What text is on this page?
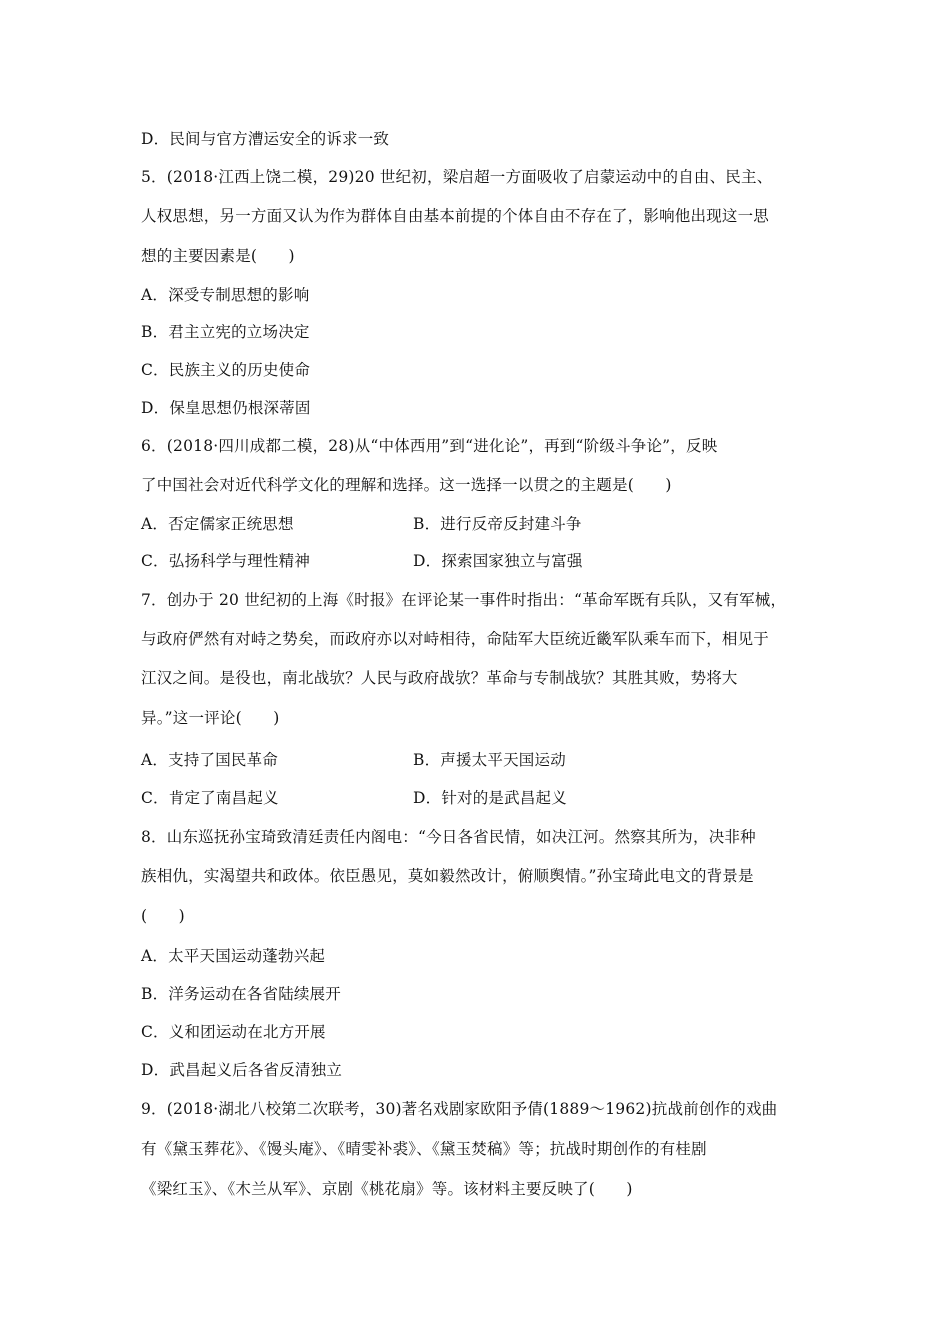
D．民间与官方漕运安全的诉求一致
5．(2018·江西上饶二模，29)20 世纪初，梁启超一方面吸收了启蒙运动中的自由、民主、
人权思想，另一方面又认为作为群体自由基本前提的个体自由不存在了，影响他出现这一思
想的主要因素是(　　)
A．深受专制思想的影响
B．君主立宪的立场决定
C．民族主义的历史使命
D．保皇思想仍根深蒂固
6．(2018·四川成都二模，28)从“中体西用”到“进化论”，再到“阶级斗争论”，反映
了中国社会对近代科学文化的理解和选择。这一选择一以贯之的主题是(　　)
A．否定儒家正统思想	B．进行反帝反封建斗争
C．弘扬科学与理性精神	D．探索国家独立与富强
7．创办于 20 世纪初的上海《时报》在评论某一事件时指出：“革命军既有兵队，又有军械，
与政府俨然有对峙之势矣，而政府亦以对峙相待，命陆军大臣统近畿军队乘车而下，相见于
江汉之间。是役也，南北战欤？人民与政府战欤？革命与专制战欤？其胜其败，势将大
异。”这一评论(　　)
A．支持了国民革命	B．声援太平天国运动
C．肯定了南昌起义	D．针对的是武昌起义
8．山东巡抚孙宝琦致清廷责任内阁电：“今日各省民情，如决江河。然察其所为，决非种
族相仇，实渴望共和政体。依臣愚见，莫如毅然改计，俯顺舆情。”孙宝琦此电文的背景是
(　　)
A．太平天国运动蓬勃兴起
B．洋务运动在各省陆续展开
C．义和团运动在北方开展
D．武昌起义后各省反清独立
9．(2018·湖北八校第二次联考，30)著名戏剧家欧阳予倩(1889～1962)抗战前创作的戏曲
有《黛玉葬花》、《馒头庵》、《晴雯补裘》、《黛玉焚稿》等；抗战时期创作的有桂剧
《梁红玉》、《木兰从军》、京剧《桃花扇》等。该材料主要反映了(　　)
